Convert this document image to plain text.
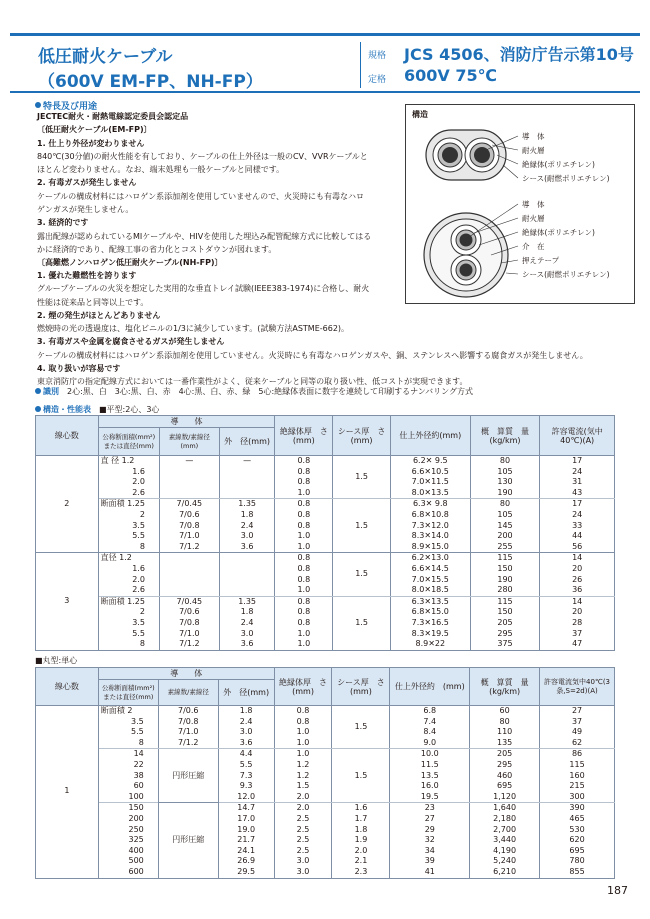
低圧耐火ケーブル
（600V EM-FP、NH-FP）
規格 JCS 4506、消防庁告示第10号
定格 600V 75℃
特長及び用途
JECTEC耐火・耐熱電線認定委員会認定品
〔低圧耐火ケーブル(EM-FP)〕
1. 仕上り外径が変わりません
840℃(30分値)の耐火性能を有しており、ケーブルの仕上外径は一般のCV、VVRケーブルと
ほとんど変わりません。なお、端末処理も一般ケーブルと同様です。
2. 有毒ガスが発生しません
ケーブルの構成材料にはハロゲン系添加剤を使用していませんので、火災時にも有毒なハロ
ゲンガスが発生しません。
3. 経済的です
露出配線が認められているMIケーブルや、HIVを使用した埋込み配管配線方式に比較してはる
かに経済的であり、配線工事の省力化とコストダウンが図れます。
〔高難燃ノンハロゲン低圧耐火ケーブル(NH-FP)〕
1. 優れた難燃性を誇ります
グループケーブルの火災を想定した実用的な垂直トレイ試験(IEEE383-1974)に合格し、耐火
性能は従来品と同等以上です。
2. 煙の発生がほとんどありません
燃焼時の光の透過度は、塩化ビニルの1/3に減少しています。(試験方法ASTME-662)。
3. 有毒ガスや金属を腐食させるガスが発生しません
ケーブルの構成材料にはハロゲン系添加剤を使用していません。火災時にも有毒なハロゲンガスや、銅、ステンレスへ影響する腐食ガスが発生しません。
4. 取り扱いが容易です
東京消防庁の指定配線方式においては一番作業性がよく、従来ケーブルと同等の取り扱い性、低コストが実現できます。
構造
導　体
耐火層
絶縁体(ポリエチレン)
シース(耐燃ポリエチレン)
導　体
耐火層
絶縁体(ポリエチレン)
介　在
押えテープ
シース(耐燃ポリエチレン)
識別　 2心:黒、白　3心:黒、白、赤　4心:黒、白、赤、緑　5心:絶縁体表面に数字を連続して印刷するナンバリング方式
構造・性能表　 ■平型:2心、3心
線心数	導　　体			絶縁体厚　さ(mm)	シース厚　さ(mm)	仕上外径約(mm)	概　算質　量(kg/km)	許容電流(気中40℃)(A)
	公称断面積(mm²)または直径(mm)	素線数/素線径(mm)	外　径(mm)					
2	直 径 1.2	—	—	0.8	1.5	6.2✕ 9.5	80	17
	1.6			0.8		6.6✕10.5	105	24
	2.0			0.8		7.0✕11.5	130	31
	2.6			1.0		8.0✕13.5	190	43
	断面積 1.25	7/0.45	1.35	0.8	1.5	6.3✕ 9.8	80	17
	2	7/0.6	1.8	0.8		6.8✕10.8	105	24
	3.5	7/0.8	2.4	0.8		7.3✕12.0	145	33
	5.5	7/1.0	3.0	1.0		8.3✕14.0	200	44
	8	7/1.2	3.6	1.0		8.9✕15.0	255	56
3	直径 1.2			0.8	1.5	6.2✕13.0	115	14
	1.6			0.8		6.6✕14.5	150	20
	2.0			0.8		7.0✕15.5	190	26
	2.6			1.0		8.0✕18.5	280	36
	断面積 1.25	7/0.45	1.35	0.8	1.5	6.3✕13.5	115	14
	2	7/0.6	1.8	0.8		6.8✕15.0	150	20
	3.5	7/0.8	2.4	0.8		7.3✕16.5	205	28
	5.5	7/1.0	3.0	1.0		8.3✕19.5	295	37
	8	7/1.2	3.6	1.0		8.9✕22	375	47
■丸型:単心
線心数	導　　体			絶縁体厚　さ(mm)	シース厚　さ(mm)	仕上外径約　(mm)	概　算質　量(kg/km)	許容電流気中40℃(3条,S=2d)(A)
	公称断面積(mm²)または直径(mm)	素線数/素線径	外　径(mm)					
1	断面積 2	7/0.6	1.8	0.8	1.5	6.8	60	27
	3.5	7/0.8	2.4	0.8		7.4	80	37
	5.5	7/1.0	3.0	1.0		8.4	110	49
	8	7/1.2	3.6	1.0		9.0	135	62
	14	円形圧縮	4.4	1.0	1.5	10.0	205	86
	22		5.5	1.2		11.5	295	115
	38		7.3	1.2		13.5	460	160
	60		9.3	1.5		16.0	695	215
	100		12.0	2.0		19.5	1,120	300
	150	円形圧縮	14.7	2.0	1.6	23	1,640	390
	200		17.0	2.5	1.7	27	2,180	465
	250		19.0	2.5	1.8	29	2,700	530
	325		21.7	2.5	1.9	32	3,440	620
	400		24.1	2.5	2.0	34	4,190	695
	500		26.9	3.0	2.1	39	5,240	780
	600		29.5	3.0	2.3	41	6,210	855
187
